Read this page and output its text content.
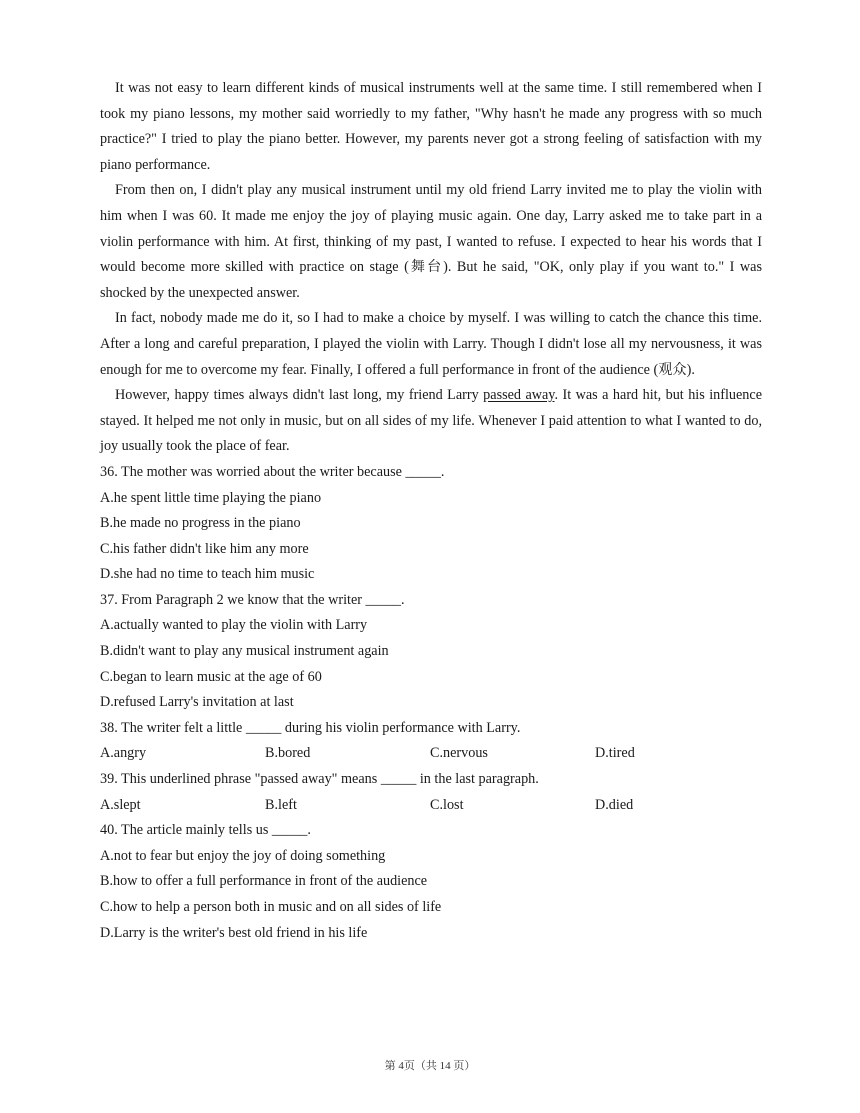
It was not easy to learn different kinds of musical instruments well at the same time. I still remembered when I took my piano lessons, my mother said worriedly to my father, "Why hasn't he made any progress with so much practice?" I tried to play the piano better. However, my parents never got a strong feeling of satisfaction with my piano performance.

From then on, I didn't play any musical instrument until my old friend Larry invited me to play the violin with him when I was 60. It made me enjoy the joy of playing music again. One day, Larry asked me to take part in a violin performance with him. At first, thinking of my past, I wanted to refuse. I expected to hear his words that I would become more skilled with practice on stage (舞台). But he said, "OK, only play if you want to." I was shocked by the unexpected answer.

In fact, nobody made me do it, so I had to make a choice by myself. I was willing to catch the chance this time. After a long and careful preparation, I played the violin with Larry. Though I didn't lose all my nervousness, it was enough for me to overcome my fear. Finally, I offered a full performance in front of the audience (观众).

However, happy times always didn't last long, my friend Larry passed away. It was a hard hit, but his influence stayed. It helped me not only in music, but on all sides of my life. Whenever I paid attention to what I wanted to do, joy usually took the place of fear.

36. The mother was worried about the writer because _____.

A.he spent little time playing the piano

B.he made no progress in the piano

C.his father didn't like him any more

D.she had no time to teach him music

37. From Paragraph 2 we know that the writer _____.

A.actually wanted to play the violin with Larry

B.didn't want to play any musical instrument again

C.began to learn music at the age of 60

D.refused Larry's invitation at last

38. The writer felt a little _____ during his violin performance with Larry.

A.angry	B.bored	C.nervous	D.tired

39. This underlined phrase "passed away" means _____ in the last paragraph.

A.slept	B.left	C.lost	D.died

40. The article mainly tells us _____.

A.not to fear but enjoy the joy of doing something

B.how to offer a full performance in front of the audience

C.how to help a person both in music and on all sides of life

D.Larry is the writer's best old friend in his life

第 4页（共 14 页）
